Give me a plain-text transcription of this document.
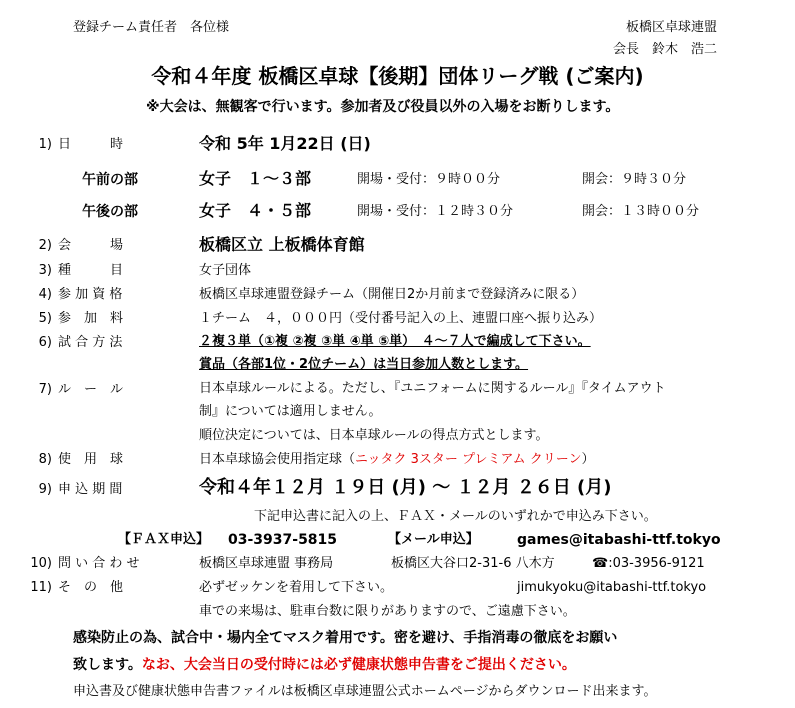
登録チーム責任者　各位様	板橋区卓球連盟
会長　鈴木　浩二
令和４年度 板橋区卓球【後期】団体リーグ戦 (ご案内)
※大会は、無観客で行います。参加者及び役員以外の入場をお断りします。
1) 日　　　時	令和 5年 1月22日 (日)
午前の部	女子　１～３部	開場・受付：９時００分	開会：９時３０分
午後の部	女子　４・５部	開場・受付：１２時３０分	開会：１３時００分
2) 会　　　場	板橋区立 上板橋体育館
3) 種　　　目	女子団体
4) 参 加 資 格	板橋区卓球連盟登録チーム（開催日2か月前まで登録済みに限る）
5) 参　加　料	１チーム　４，０００円（受付番号記入の上、連盟口座へ振り込み）
6) 試 合 方 法	２複３単（①複 ②複 ③単 ④単 ⑤単）　４～７人で編成して下さい。
賞品（各部1位・2位チーム）は当日参加人数とします。
7) ル　ー　ル	日本卓球ルールによる。ただし、『ユニフォームに関するルール』『タイムアウト
制』については適用しません。
順位決定については、日本卓球ルールの得点方式とします。
8) 使　用　球	日本卓球協会使用指定球（ニッタク 3スター プレミアム クリーン）
9) 申 込 期 間	令和４年１２月 １９日 (月) ～ １２月 ２６日 (月)
下記申込書に記入の上、ＦＡＸ・メールのいずれかで申込み下さい。
【ＦＡＸ申込】 03-3937-5815	【メール申込】	games@itabashi-ttf.tokyo
10) 問 い 合 わ せ	板橋区卓球連盟 事務局	板橋区大谷口2-31-6 八木方	☎:03-3956-9121
11) そ　の　他	必ずゼッケンを着用して下さい。	jimukyoku@itabashi-ttf.tokyo
車での来場は、駐車台数に限りがありますので、ご遠慮下さい。
感染防止の為、試合中・場内全てマスク着用です。密を避け、手指消毒の徹底をお願い
致します。なお、大会当日の受付時には必ず健康状態申告書をご提出ください。
申込書及び健康状態申告書ファイルは板橋区卓球連盟公式ホームページからダウンロード出来ます。
